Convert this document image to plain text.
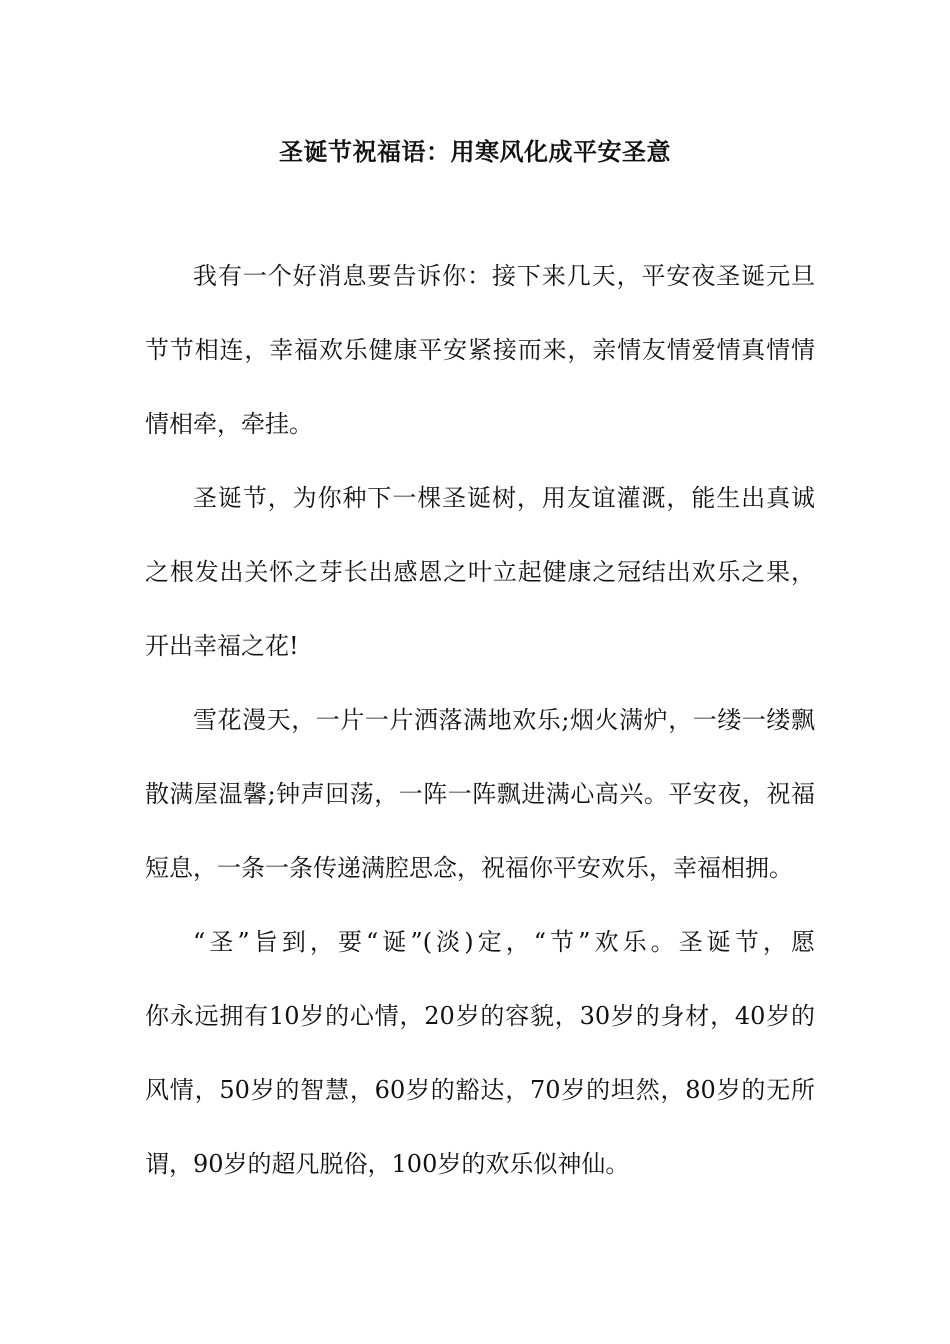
圣诞节祝福语：用寒风化成平安圣意
我有一个好消息要告诉你：接下来几天，平安夜圣诞元旦
节节相连，幸福欢乐健康平安紧接而来，亲情友情爱情真情情
情相牵，牵挂。
圣诞节，为你种下一棵圣诞树，用友谊灌溉，能生出真诚
之根发出关怀之芽长出感恩之叶立起健康之冠结出欢乐之果，
开出幸福之花!
雪花漫天，一片一片洒落满地欢乐;烟火满炉，一缕一缕飘
散满屋温馨;钟声回荡，一阵一阵飘进满心高兴。平安夜，祝福
短息，一条一条传递满腔思念，祝福你平安欢乐，幸福相拥。
“圣”旨到，要“诞”(淡)定，“节”欢乐。圣诞节，愿
你永远拥有10岁的心情，20岁的容貌，30岁的身材，40岁的
风情，50岁的智慧，60岁的豁达，70岁的坦然，80岁的无所
谓，90岁的超凡脱俗，100岁的欢乐似神仙。
